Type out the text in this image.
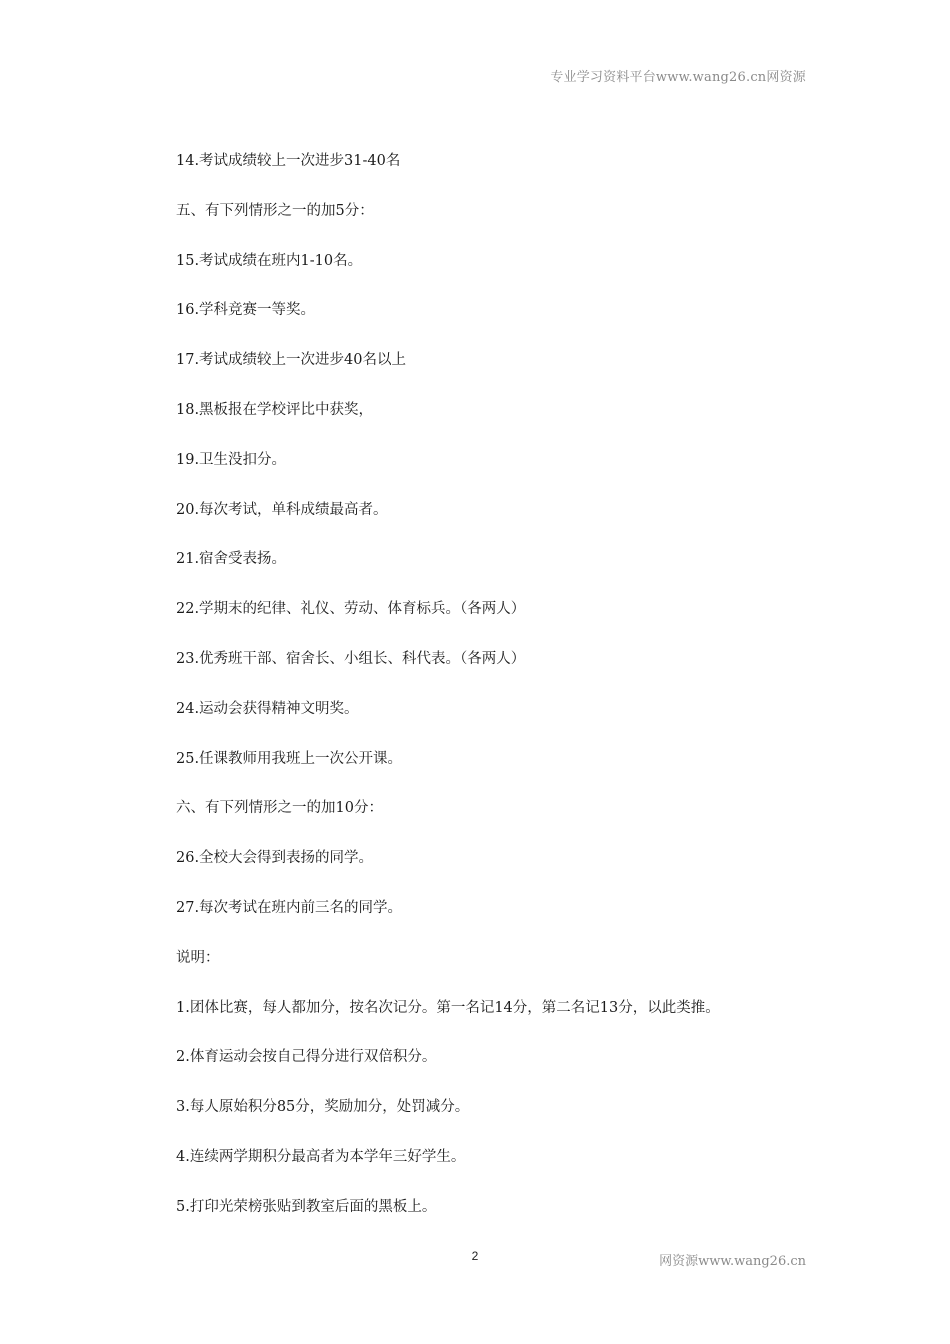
专业学习资料平台www.wang26.cn网资源
14.考试成绩较上一次进步31-40名
五、有下列情形之一的加5分：
15.考试成绩在班内1-10名。
16.学科竞赛一等奖。
17.考试成绩较上一次进步40名以上
18.黑板报在学校评比中获奖，
19.卫生没扣分。
20.每次考试，单科成绩最高者。
21.宿舍受表扬。
22.学期末的纪律、礼仪、劳动、体育标兵。（各两人）
23.优秀班干部、宿舍长、小组长、科代表。（各两人）
24.运动会获得精神文明奖。
25.任课教师用我班上一次公开课。
六、有下列情形之一的加10分：
26.全校大会得到表扬的同学。
27.每次考试在班内前三名的同学。
说明：
1.团体比赛，每人都加分，按名次记分。第一名记14分，第二名记13分，以此类推。
2.体育运动会按自己得分进行双倍积分。
3.每人原始积分85分，奖励加分，处罚减分。
4.连续两学期积分最高者为本学年三好学生。
5.打印光荣榜张贴到教室后面的黑板上。
2	网资源www.wang26.cn
